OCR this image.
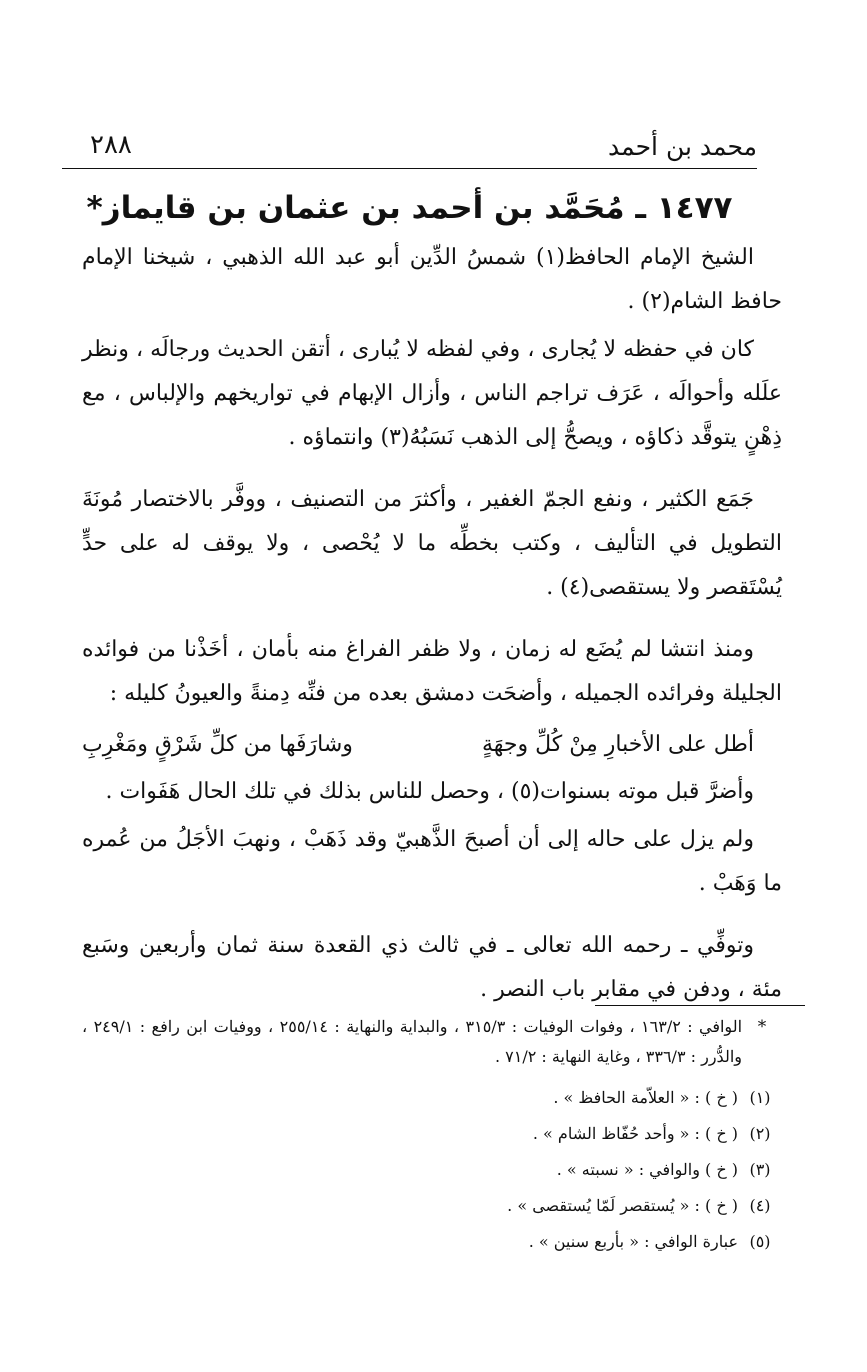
محمد بن أحمد
٢٨٨
١٤٧٧ ـ مُحَمَّد بن أحمد بن عثمان بن قايماز*

الشيخ الإمام الحافظ(١) شمسُ الدِّين أبو عبد الله الذهبي ، شيخنا الإمام حافظ الشام(٢) .

كان في حفظه لا يُجارى ، وفي لفظه لا يُبارى ، أتقن الحديث ورجالَه ، ونظر علَله وأحوالَه ، عَرَف تراجم الناس ، وأزال الإبهام في تواريخهم والإلباس ، مع ذِهْنٍ يتوقَّد ذكاؤه ، ويصحُّ إلى الذهب نَسَبُهُ(٣) وانتماؤه .

جَمَع الكثير ، ونفع الجمّ الغفير ، وأكثرَ من التصنيف ، ووفَّر بالاختصار مُونَةَ التطويل في التأليف ، وكتب بخطِّه ما لا يُحْصى ، ولا يوقف له على حدٍّ يُسْتَقصر ولا يستقصى(٤) .

ومنذ انتشا لم يُضَع له زمان ، ولا ظفر الفراغ منه بأمان ، أخَذْنا من فوائده الجليلة وفرائده الجميله ، وأضحَت دمشق بعده من فنِّه دِمنةً والعيونُ كليله :

أطل على الأخبارِ مِنْ كُلِّ وجهَةٍ
وشارَفَها من كلِّ شَرْقٍ ومَغْرِبِ

وأضرَّ قبل موته بسنوات(٥) ، وحصل للناس بذلك في تلك الحال هَفَوات .

ولم يزل على حاله إلى أن أصبحَ الذَّهبيّ وقد ذَهَبْ ، ونهبَ الأجَلُ من عُمره ما وَهَبْ .

وتوفِّي ـ رحمه الله تعالى ـ في ثالث ذي القعدة سنة ثمان وأربعين وسَبع مئة ، ودفن في مقابر باب النصر .

*
الوافي : ١٦٣/٢ ، وفوات الوفيات : ٣١٥/٣ ، والبداية والنهاية : ٢٥٥/١٤ ، ووفيات ابن رافع : ٢٤٩/١ ، والدُّرر : ٣٣٦/٣ ، وغاية النهاية : ٧١/٢ .
(١)
( خ ) : « العلاّمة الحافظ » .
(٢)
( خ ) : « وأحد حُفّاظ الشام » .
(٣)
( خ ) والوافي : « نسبته » .
(٤)
( خ ) : « يُستقصر لَمّا يُستقصى » .
(٥)
عبارة الوافي : « بأربع سنين » .
